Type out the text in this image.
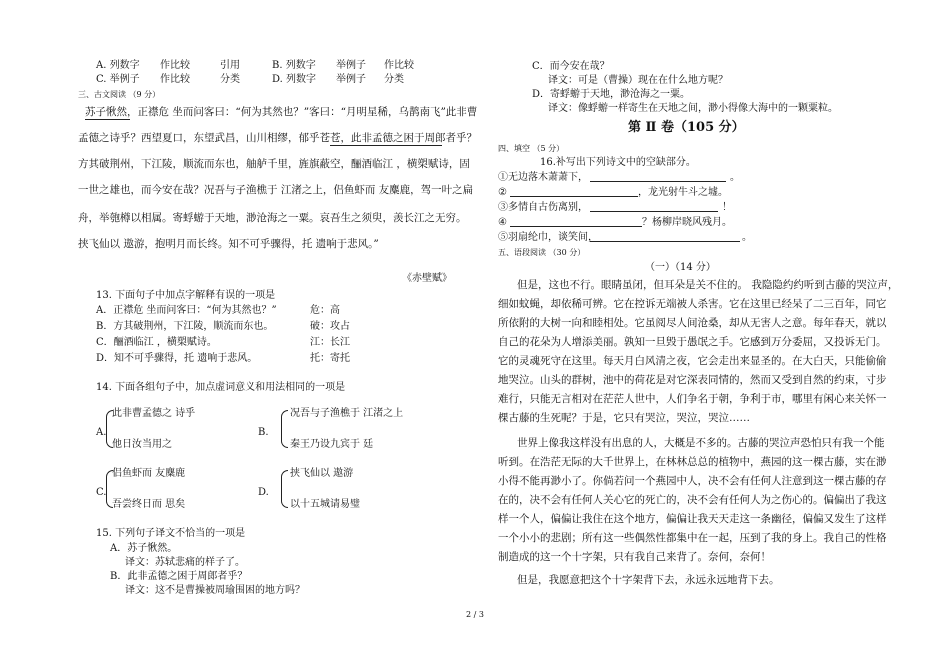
A. 列数字 作比较	引用	B. 列数字 举例子 作比较
C. 举例子 作比较	分类	D. 列数字 举例子 分类
三、古文阅读 （9 分）
苏子愀然，正襟危 坐而问客曰：“何为其然也？”客曰：“月明星稀，乌鹊南飞”此非曹
孟德之诗乎？西望夏口，东望武昌，山川相缪，郁乎苍苍，此非孟德之困于周郎者乎？
方其破荆州，下江陵，顺流而东也，舳舻千里，旌旗蔽空，酾酒临江 ，横槊赋诗，固
一世之雄也，而今安在哉？况吾与子渔樵于 江渚之上，侣鱼虾而 友麋鹿，驾一叶之扁
舟，举匏樽以相属。寄蜉蝣于天地，渺沧海之一粟。哀吾生之须臾，羡长江之无穷。
挟飞仙以 遨游，抱明月而长终。知不可乎骤得，托 遗响于悲风。”
《赤壁赋》
13. 下面句子中加点字解释有误的一项是
A．正襟危 坐而问客曰：“何为其然也？”	危：高
B．方其破荆州，下江陵，顺流而东也。	破：攻占
C．酾酒临江 ，横槊赋诗。	江：长江
D．知不可乎骤得，托 遗响于悲风。	托：寄托
14. 下面各组句子中，加点虚词意义和用法相同的一项是
A.
此非曹孟德之 诗乎
他日汝当用之
B.
况吾与子渔樵于 江渚之上
秦王乃设九宾于 廷
C.
侣鱼虾而 友麋鹿
吾尝终日而 思矣
D.
挟飞仙以 遨游
以十五城请易璧
15. 下列句子译文不恰当的一项是
A．苏子愀然。
译文：苏轼悲痛的样子了。
B．此非孟德之困于周郎者乎？
译文：这不是曹操被周瑜围困的地方吗？
C．而今安在哉？
译文：可是（曹操）现在在什么地方呢？
D．寄蜉蝣于天地，渺沧海之一粟。
译文：像蜉蝣一样寄生在天地之间，渺小得像大海中的一颗粟粒。
第 Ⅱ 卷（105 分）
四、填空 （5 分）
16.补写出下列诗文中的空缺部分。
①无边落木萧萧下，	。
②	，龙光射牛斗之墟。
③多情自古伤离别，	！
④	？杨柳岸晓风残月。
⑤羽扇纶巾，谈笑间，	。
五、语段阅读 （30 分）
（一）（14 分）
但是，这也不行。眼睛虽闭，但耳朵是关不住的。 我隐隐约约听到古藤的哭泣声，
细如蚊蝇，却依稀可辨。它在控诉无端被人杀害。它在这里已经呆了二三百年，同它
所依附的大树一向和睦相处。它虽阅尽人间沧桑，却从无害人之意。每年春天，就以
自己的花朵为人增添美丽。孰知一旦毁于愚氓之手。它感到万分委屈，又投诉无门。
它的灵魂死守在这里。每天月白风清之夜，它会走出来显圣的。在大白天，只能偷偷
地哭泣。山头的群树，池中的荷花是对它深表同情的，然而又受到自然的约束，寸步
难行，只能无言相对在茫茫人世中，人们争名于朝，争利于市，哪里有闲心来关怀一
棵古藤的生死呢？于是，它只有哭泣，哭泣，哭泣……
世界上像我这样没有出息的人，大概是不多的。古藤的哭泣声恐怕只有我一个能
听到。在浩茫无际的大千世界上，在林林总总的植物中，燕园的这一棵古藤，实在渺
小得不能再渺小了。你倘若问一个燕园中人，决不会有任何人注意到这一棵古藤的存
在的，决不会有任何人关心它的死亡的，决不会有任何人为之伤心的。偏偏出了我这
样一个人，偏偏让我住在这个地方，偏偏让我天天走这一条幽径，偏偏又发生了这样
一个小小的悲剧；所有这一些偶然性都集中在一起，压到了我的身上。我自己的性格
制造成的这一个十字架，只有我自己来背了。奈何，奈何！
但是，我愿意把这个十字架背下去，永远永远地背下去。
2 / 3
